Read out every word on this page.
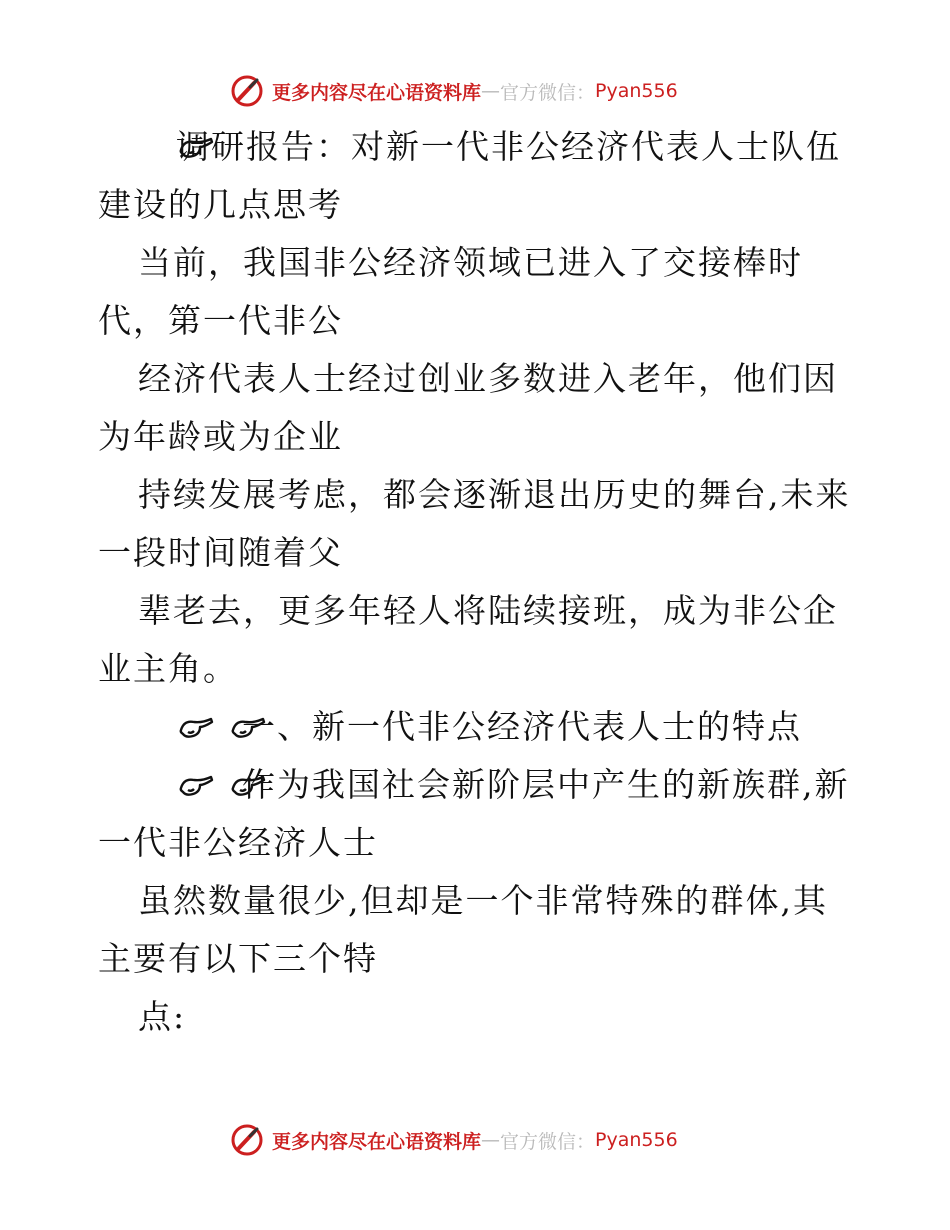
更多内容尽在心语资料库 — 官方微信： Pyan556

调研报告：对新一代非公经济代表人士队伍建设的几点思考

当前，我国非公经济领域已进入了交接棒时代，第一代非公

经济代表人士经过创业多数进入老年，他们因为年龄或为企业

持续发展考虑，都会逐渐退出历史的舞台,未来一段时间随着父

辈老去，更多年轻人将陆续接班，成为非公企业主角。

一、新一代非公经济代表人士的特点

作为我国社会新阶层中产生的新族群,新一代非公经济人士

虽然数量很少,但却是一个非常特殊的群体,其主要有以下三个特

点:

更多内容尽在心语资料库 — 官方微信： Pyan556
